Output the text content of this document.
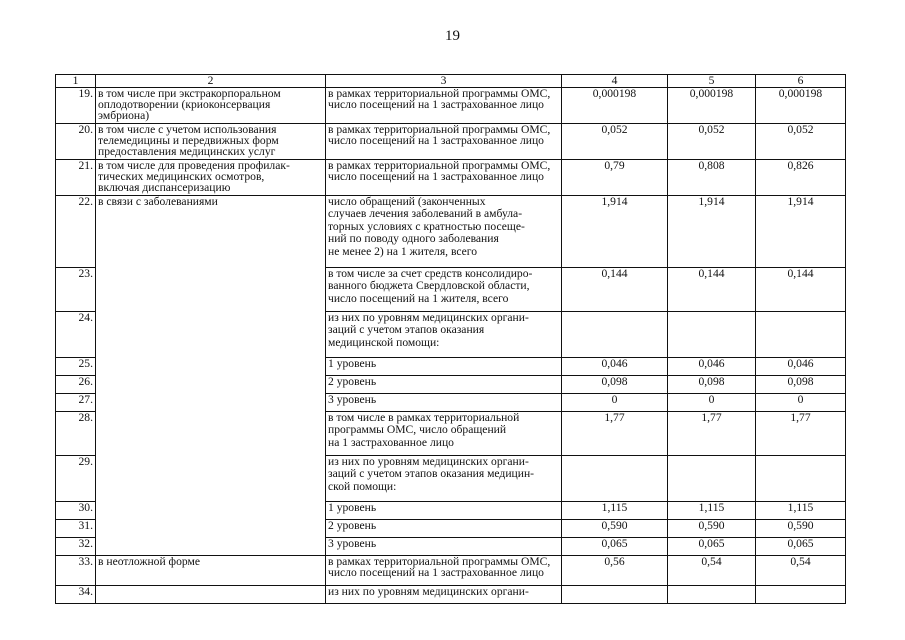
19
1	2	3	4	5	6
19.	в том числе при экстракорпоральном
оплодотворении (криоконсервация
эмбриона)	в рамках территориальной программы ОМС,
число посещений на 1 застрахованное лицо	0,000198	0,000198	0,000198
20.	в том числе с учетом использования
телемедицины и передвижных форм
предоставления медицинских услуг	в рамках территориальной программы ОМС,
число посещений на 1 застрахованное лицо	0,052	0,052	0,052
21.	в том числе для проведения профилак-
тических медицинских осмотров,
включая диспансеризацию	в рамках территориальной программы ОМС,
число посещений на 1 застрахованное лицо	0,79	0,808	0,826
22.	в связи с заболеваниями	число обращений (законченных
случаев лечения заболеваний в амбула-
торных условиях с кратностью посеще-
ний по поводу одного заболевания
не менее 2) на 1 жителя, всего	1,914	1,914	1,914
23.		в том числе за счет средств консолидиро-
ванного бюджета Свердловской области,
число посещений на 1 жителя, всего	0,144	0,144	0,144
24.		из них по уровням медицинских органи-
заций с учетом этапов оказания
медицинской помощи:			
25.		1 уровень	0,046	0,046	0,046
26.		2 уровень	0,098	0,098	0,098
27.		3 уровень	0	0	0
28.		в том числе в рамках территориальной
программы ОМС, число обращений
на 1 застрахованное лицо	1,77	1,77	1,77
29.		из них по уровням медицинских органи-
заций с учетом этапов оказания медицин-
ской помощи:			
30.		1 уровень	1,115	1,115	1,115
31.		2 уровень	0,590	0,590	0,590
32.		3 уровень	0,065	0,065	0,065
33.	в неотложной форме	в рамках территориальной программы ОМС,
число посещений на 1 застрахованное лицо	0,56	0,54	0,54
34.		из них по уровням медицинских органи-			
